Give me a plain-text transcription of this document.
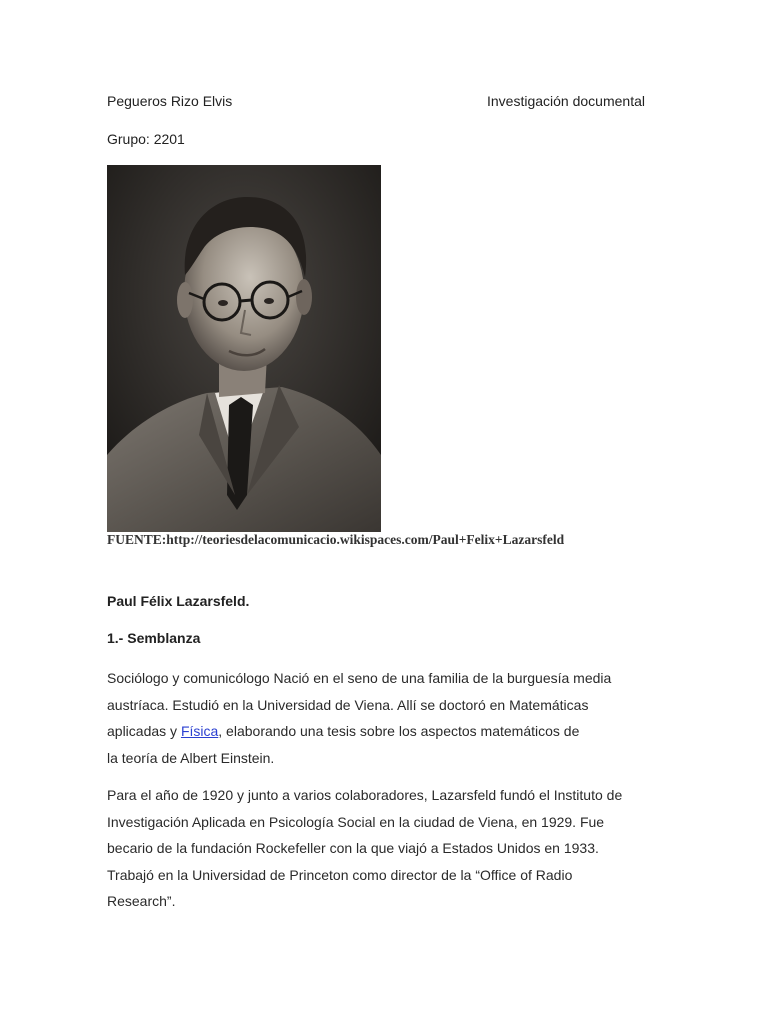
Pegueros Rizo Elvis	Investigación documental
Grupo: 2201
FUENTE:http://teoriesdelacomunicacio.wikispaces.com/Paul+Felix+Lazarsfeld
Paul Félix Lazarsfeld.
1.- Semblanza
Sociólogo y comunicólogo Nació en el seno de una familia de la burguesía media
austríaca. Estudió en la Universidad de Viena. Allí se doctoró en Matemáticas
aplicadas y Física, elaborando una tesis sobre los aspectos matemáticos de
la teoría de Albert Einstein.
Para el año de 1920 y junto a varios colaboradores, Lazarsfeld fundó el Instituto de
Investigación Aplicada en Psicología Social en la ciudad de Viena, en 1929. Fue
becario de la fundación Rockefeller con la que viajó a Estados Unidos en 1933.
Trabajó en la Universidad de Princeton como director de la “Office of Radio
Research”.
